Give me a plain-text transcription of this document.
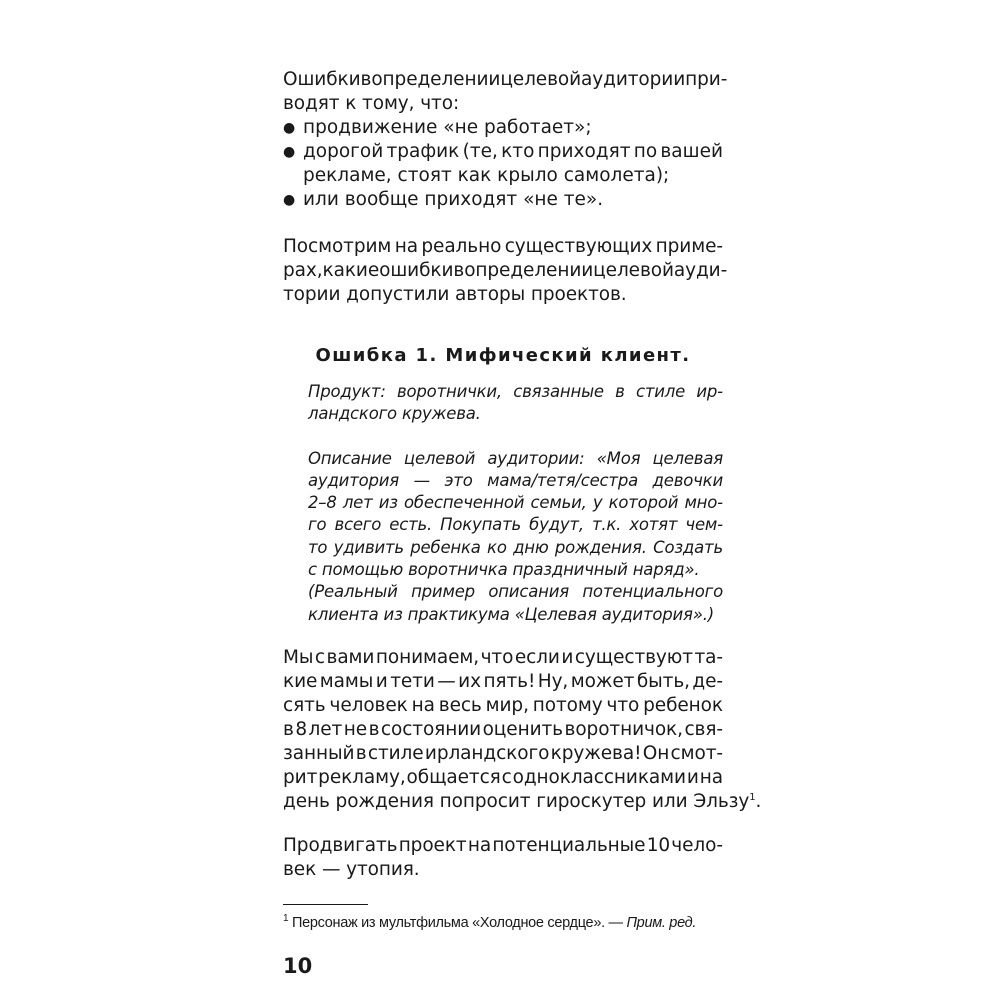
Ошибки в определении целевой аудитории при-
водят к тому, что:

● продвижение «не работает»;
● дорогой трафик (те, кто приходят по вашей
рекламе, стоят как крыло самолета);
● или вообще приходят «не те».

Посмотрим на реально существующих приме-
рах, какие ошибки в определении целевой ауди-
тории допустили авторы проектов.

Ошибка 1. Мифический клиент.

Продукт: воротнички, связанные в стиле ир-
ландского кружева.

Описание целевой аудитории: «Моя целевая
аудитория — это мама/тетя/сестра девочки
2–8 лет из обеспеченной семьи, у которой мно-
го всего есть. Покупать будут, т.к. хотят чем-
то удивить ребенка ко дню рождения. Создать
с помощью воротничка праздничный наряд».
(Реальный пример описания потенциального
клиента из практикума «Целевая аудитория».)

Мы с вами понимаем, что если и существуют та-
кие мамы и тети — их пять! Ну, может быть, де-
сять человек на весь мир, потому что ребенок
в 8 лет не в состоянии оценить воротничок, свя-
занный в стиле ирландского кружева! Он смот-
рит рекламу, общается с одноклассниками и на
день рождения попросит гироскутер или Эльзу$^1$.

Продвигать проект на потенциальные 10 чело-
век — утопия.

$^1$ Персонаж из мультфильма «Холодное сердце». — Прим. ред.

10
